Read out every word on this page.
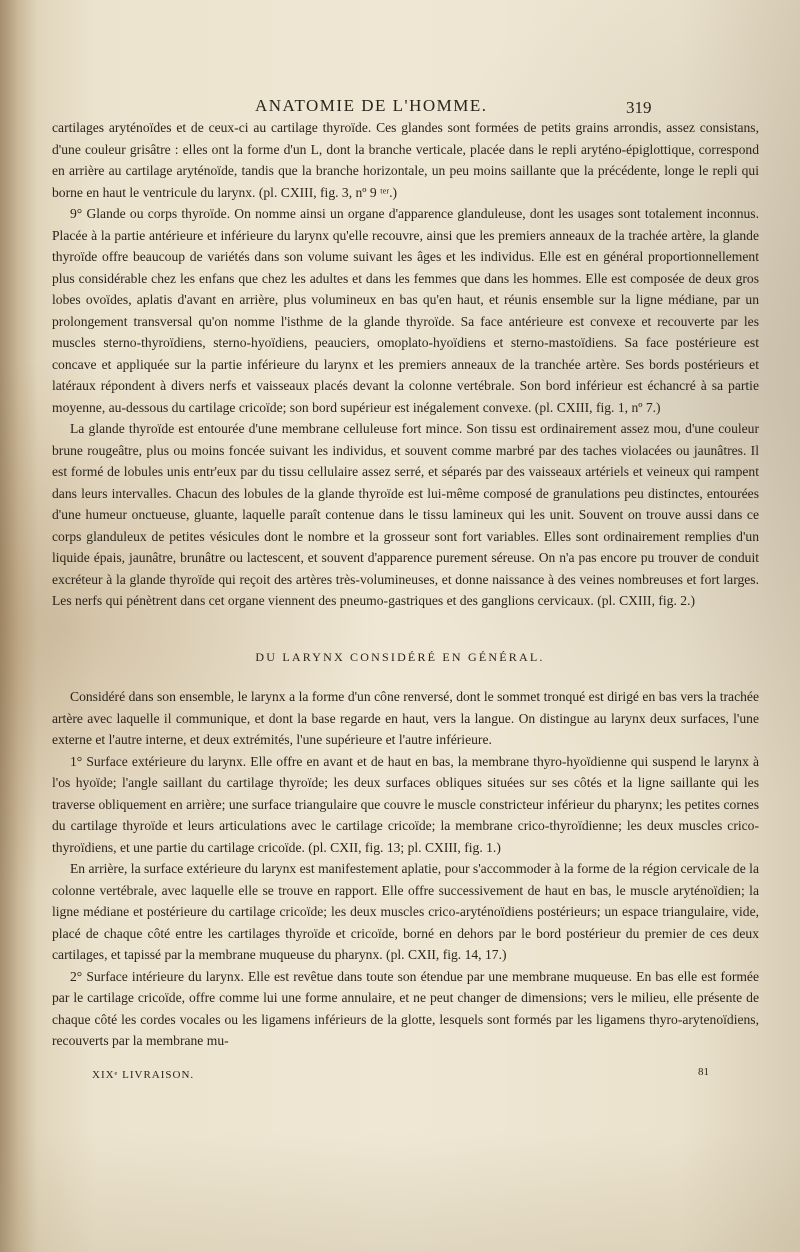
ANATOMIE DE L'HOMME.	319

cartilages aryténoïdes et de ceux-ci au cartilage thyroïde. Ces glandes sont formées de petits grains arrondis, assez consistans, d'une couleur grisâtre : elles ont la forme d'un L, dont la branche verticale, placée dans le repli aryténo-épiglottique, correspond en arrière au cartilage aryténoïde, tandis que la branche horizontale, un peu moins saillante que la précédente, longe le repli qui borne en haut le ventricule du larynx. (pl. CXIII, fig. 3, nº 9 ᵗᵉʳ.)

9° Glande ou corps thyroïde. On nomme ainsi un organe d'apparence glanduleuse, dont les usages sont totalement inconnus. Placée à la partie antérieure et inférieure du larynx qu'elle recouvre, ainsi que les premiers anneaux de la trachée artère, la glande thyroïde offre beaucoup de variétés dans son volume suivant les âges et les individus. Elle est en général proportionnellement plus considérable chez les enfans que chez les adultes et dans les femmes que dans les hommes. Elle est composée de deux gros lobes ovoïdes, aplatis d'avant en arrière, plus volumineux en bas qu'en haut, et réunis ensemble sur la ligne médiane, par un prolongement transversal qu'on nomme l'isthme de la glande thyroïde. Sa face antérieure est convexe et recouverte par les muscles sterno-thyroïdiens, sterno-hyoïdiens, peauciers, omoplato-hyoïdiens et sterno-mastoïdiens. Sa face postérieure est concave et appliquée sur la partie inférieure du larynx et les premiers anneaux de la tranchée artère. Ses bords postérieurs et latéraux répondent à divers nerfs et vaisseaux placés devant la colonne vertébrale. Son bord inférieur est échancré à sa partie moyenne, au-dessous du cartilage cricoïde; son bord supérieur est inégalement convexe. (pl. CXIII, fig. 1, nº 7.)

La glande thyroïde est entourée d'une membrane celluleuse fort mince. Son tissu est ordinairement assez mou, d'une couleur brune rougeâtre, plus ou moins foncée suivant les individus, et souvent comme marbré par des taches violacées ou jaunâtres. Il est formé de lobules unis entr'eux par du tissu cellulaire assez serré, et séparés par des vaisseaux artériels et veineux qui rampent dans leurs intervalles. Chacun des lobules de la glande thyroïde est lui-même composé de granulations peu distinctes, entourées d'une humeur onctueuse, gluante, laquelle paraît contenue dans le tissu lamineux qui les unit. Souvent on trouve aussi dans ce corps glanduleux de petites vésicules dont le nombre et la grosseur sont fort variables. Elles sont ordinairement remplies d'un liquide épais, jaunâtre, brunâtre ou lactescent, et souvent d'apparence purement séreuse. On n'a pas encore pu trouver de conduit excréteur à la glande thyroïde qui reçoit des artères très-volumineuses, et donne naissance à des veines nombreuses et fort larges. Les nerfs qui pénètrent dans cet organe viennent des pneumo-gastriques et des ganglions cervicaux. (pl. CXIII, fig. 2.)

DU LARYNX CONSIDÉRÉ EN GÉNÉRAL.

Considéré dans son ensemble, le larynx a la forme d'un cône renversé, dont le sommet tronqué est dirigé en bas vers la trachée artère avec laquelle il communique, et dont la base regarde en haut, vers la langue. On distingue au larynx deux surfaces, l'une externe et l'autre interne, et deux extrémités, l'une supérieure et l'autre inférieure.

1° Surface extérieure du larynx. Elle offre en avant et de haut en bas, la membrane thyro-hyoïdienne qui suspend le larynx à l'os hyoïde; l'angle saillant du cartilage thyroïde; les deux surfaces obliques situées sur ses côtés et la ligne saillante qui les traverse obliquement en arrière; une surface triangulaire que couvre le muscle constricteur inférieur du pharynx; les petites cornes du cartilage thyroïde et leurs articulations avec le cartilage cricoïde; la membrane crico-thyroïdienne; les deux muscles crico-thyroïdiens, et une partie du cartilage cricoïde. (pl. CXII, fig. 13; pl. CXIII, fig. 1.)

En arrière, la surface extérieure du larynx est manifestement aplatie, pour s'accommoder à la forme de la région cervicale de la colonne vertébrale, avec laquelle elle se trouve en rapport. Elle offre successivement de haut en bas, le muscle aryténoïdien; la ligne médiane et postérieure du cartilage cricoïde; les deux muscles crico-aryténoïdiens postérieurs; un espace triangulaire, vide, placé de chaque côté entre les cartilages thyroïde et cricoïde, borné en dehors par le bord postérieur du premier de ces deux cartilages, et tapissé par la membrane muqueuse du pharynx. (pl. CXII, fig. 14, 17.)

2° Surface intérieure du larynx. Elle est revêtue dans toute son étendue par une membrane muqueuse. En bas elle est formée par le cartilage cricoïde, offre comme lui une forme annulaire, et ne peut changer de dimensions; vers le milieu, elle présente de chaque côté les cordes vocales ou les ligamens inférieurs de la glotte, lesquels sont formés par les ligamens thyro-arytenoïdiens, recouverts par la membrane mu-

XIXᵉ LIVRAISON.	81
